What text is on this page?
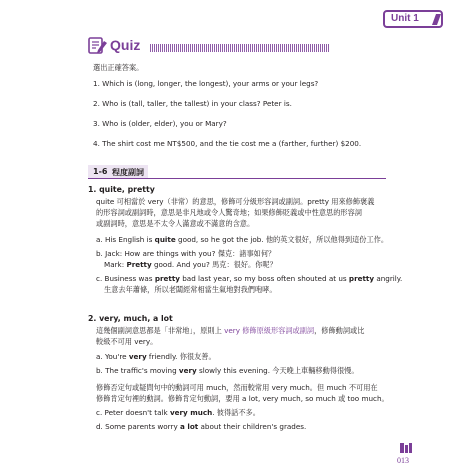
Unit 1
Quiz
選出正確答案。
1. Which is (long, longer, the longest), your arms or your legs?
2. Who is (tall, taller, the tallest) in your class? Peter is.
3. Who is (older, elder), you or Mary?
4. The shirt cost me NT$500, and the tie cost me a (farther, further) $200.
1-6 程度副詞
1. quite, pretty
quite 可相當於 very（非常）的意思，修飾可分級形容詞或副詞。pretty 用來修飾褒義
的形容詞或副詞時，意思是非凡地或令人驚奇地；如果修飾貶義或中性意思的形容詞
或副詞時，意思是不太令人滿意或不滿意的含意。
a. His English is quite good, so he got the job. 他的英文很好，所以他得到這份工作。
b. Jack: How are things with you? 傑克：諸事如何？
Mark: Pretty good. And you? 馬克：很好。你呢？
c. Business was pretty bad last year, so my boss often shouted at us pretty angrily.
生意去年蕭條，所以老闆經常相當生氣地對我們咆哮。
2. very, much, a lot
這幾個副詞意思都是「非常地」，原則上 very 修飾原級形容詞或副詞，修飾動詞或比
較級不可用 very。
a. You're very friendly. 你很友善。
b. The traffic's moving very slowly this evening. 今天晚上車輛移動得很慢。
修飾否定句或疑問句中的動詞可用 much，然而較常用 very much。但 much 不可用在
修飾肯定句裡的動詞。修飾肯定句動詞，要用 a lot, very much, so much 或 too much。
c. Peter doesn't talk very much. 彼得話不多。
d. Some parents worry a lot about their children's grades.
013
